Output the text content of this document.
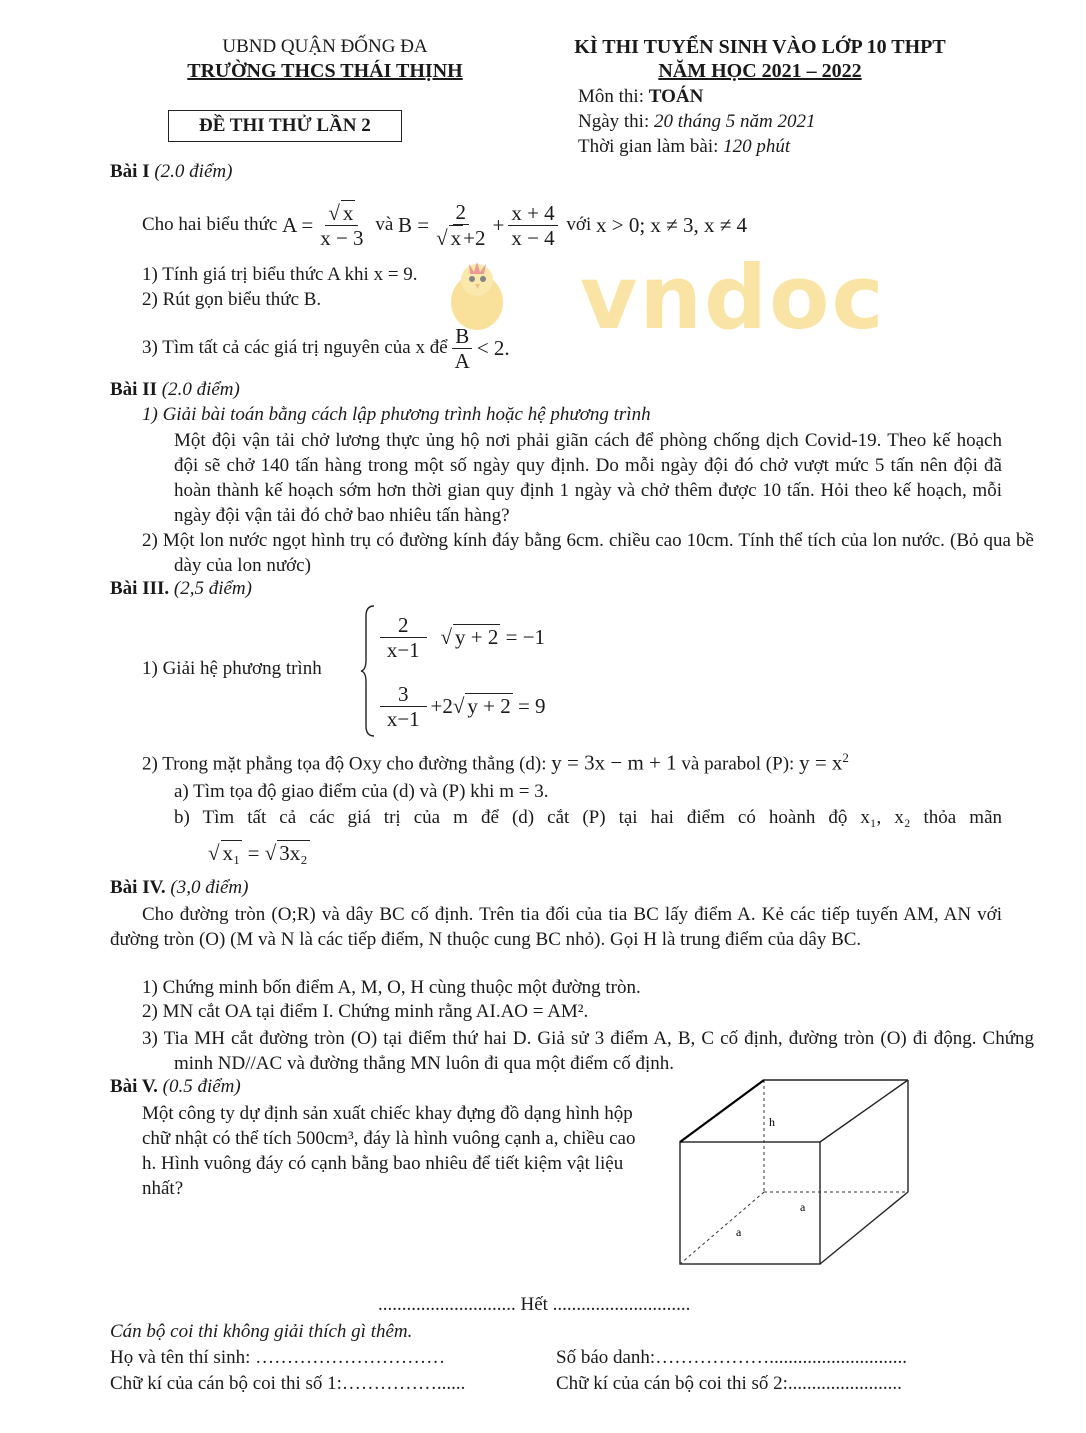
vndoc
UBND QUẬN ĐỐNG ĐA
TRƯỜNG THCS THÁI THỊNH
ĐỀ THI THỬ LẦN 2
KÌ THI TUYỂN SINH VÀO LỚP 10 THPT
NĂM HỌC 2021 – 2022
Môn thi: TOÁN
Ngày thi: 20 tháng 5 năm 2021
Thời gian làm bài: 120 phút
Bài I (2.0 điểm)
Cho hai biểu thức
$A = \frac{√ x}{x - 3}$
và
$B = \frac{2}{√ x+2} + \frac{x + 4}{x - 4}$
với
x > 0; x ≠ 3, x ≠ 4
1) Tính giá trị biểu thức A khi x = 9.
2) Rút gọn biểu thức B.
3) Tìm tất cả các giá trị nguyên của x để $\frac{B}{A} < 2$.
Bài II (2.0 điểm)
1) Giải bài toán bằng cách lập phương trình hoặc hệ phương trình
Một đội vận tải chở lương thực ủng hộ nơi phải giãn cách để phòng chống dịch Covid-19. Theo kế hoạch đội sẽ chở 140 tấn hàng trong một số ngày quy định. Do mỗi ngày đội đó chở vượt mức 5 tấn nên đội đã hoàn thành kế hoạch sớm hơn thời gian quy định 1 ngày và chở thêm được 10 tấn. Hỏi theo kế hoạch, mỗi ngày đội vận tải đó chở bao nhiêu tấn hàng?
2) Một lon nước ngọt hình trụ có đường kính đáy bằng 6cm. chiều cao 10cm. Tính thể tích của lon nước. (Bỏ qua bề dày của lon nước)
Bài III. (2,5 điểm)
1) Giải hệ phương trình
$\frac{2}{x-1}$ √ y + 2
= −1
$\frac{3}{x-1} +2$ √ y + 2
= 9
2) Trong mặt phẳng tọa độ Oxy cho đường thẳng (d): y = 3x − m + 1 và parabol (P): $y = x^2$
a) Tìm tọa độ giao điểm của (d) và (P) khi m = 3.
b) Tìm tất cả các giá trị của m để (d) cắt (P) tại hai điểm có hoành độ x₁, x₂ thỏa mãn
√ x₁ = √ 3x₂
Bài IV. (3,0 điểm)
Cho đường tròn (O;R) và dây BC cố định. Trên tia đối của tia BC lấy điểm A. Kẻ các tiếp tuyến AM, AN với đường tròn (O) (M và N là các tiếp điểm, N thuộc cung BC nhỏ). Gọi H là trung điểm của dây BC.
1) Chứng minh bốn điểm A, M, O, H cùng thuộc một đường tròn.
2) MN cắt OA tại điểm I. Chứng minh rằng AI.AO = AM².
3) Tia MH cắt đường tròn (O) tại điểm thứ hai D. Giả sử 3 điểm A, B, C cố định, đường tròn (O) đi động. Chứng minh ND//AC và đường thẳng MN luôn đi qua một điểm cố định.
Bài V. (0.5 điểm)
Một công ty dự định sản xuất chiếc khay đựng đồ dạng hình hộp chữ nhật có thể tích 500cm³, đáy là hình vuông cạnh a, chiều cao h. Hình vuông đáy có cạnh bằng bao nhiêu để tiết kiệm vật liệu nhất?
h
a
a
............................. Hết .............................
Cán bộ coi thi không giải thích gì thêm.
Họ và tên thí sinh: …………………………	Số báo danh:……………….............................
Chữ kí của cán bộ coi thi số 1:……………......	Chữ kí của cán bộ coi thi số 2:........................
